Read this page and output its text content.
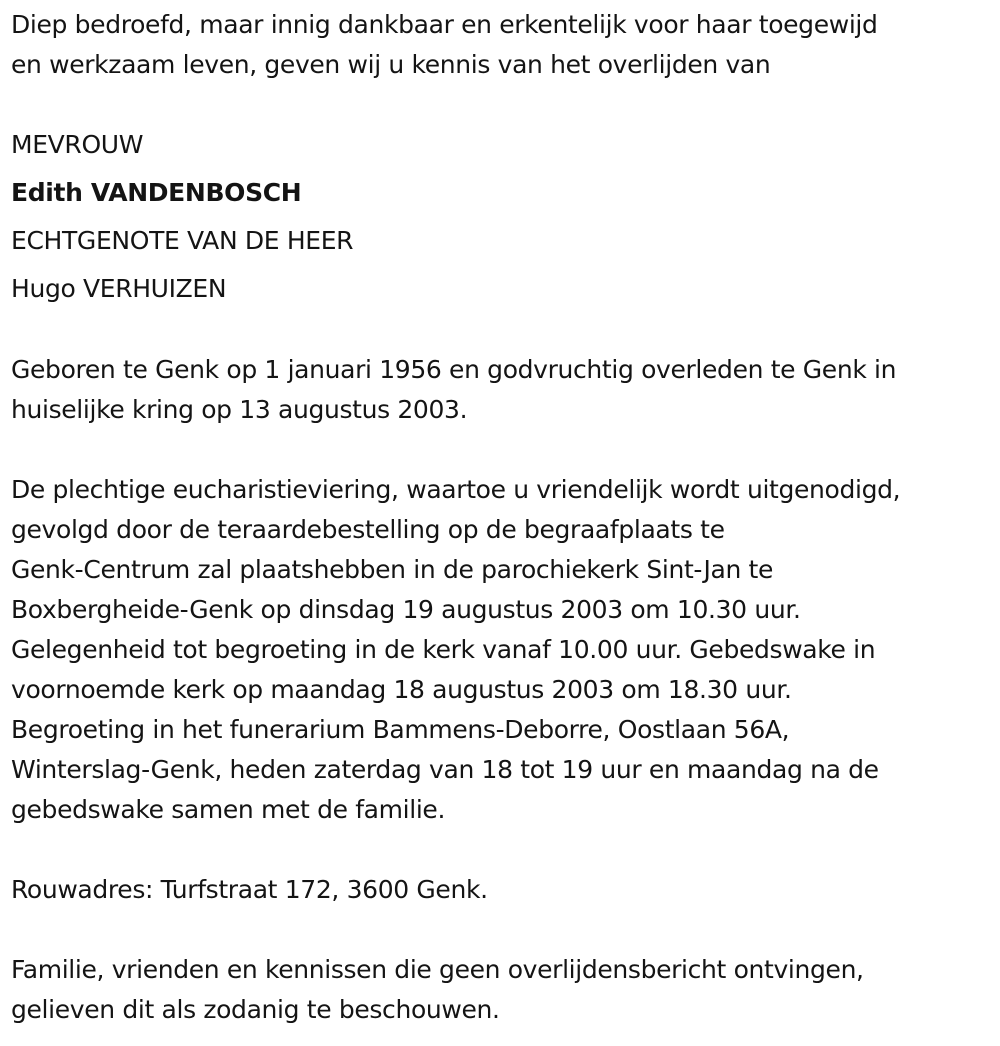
Diep bedroefd, maar innig dankbaar en erkentelijk voor haar toegewijd
en werkzaam leven, geven wij u kennis van het overlijden van
MEVROUW
Edith VANDENBOSCH
ECHTGENOTE VAN DE HEER
Hugo VERHUIZEN
Geboren te Genk op 1 januari 1956 en godvruchtig overleden te Genk in
huiselijke kring op 13 augustus 2003.
De plechtige eucharistieviering, waartoe u vriendelijk wordt uitgenodigd,
gevolgd door de teraardebestelling op de begraafplaats te
Genk-Centrum zal plaatshebben in de parochiekerk Sint-Jan te
Boxbergheide-Genk op dinsdag 19 augustus 2003 om 10.30 uur.
Gelegenheid tot begroeting in de kerk vanaf 10.00 uur. Gebedswake in
voornoemde kerk op maandag 18 augustus 2003 om 18.30 uur.
Begroeting in het funerarium Bammens-Deborre, Oostlaan 56A,
Winterslag-Genk, heden zaterdag van 18 tot 19 uur en maandag na de
gebedswake samen met de familie.
Rouwadres: Turfstraat 172, 3600 Genk.
Familie, vrienden en kennissen die geen overlijdensbericht ontvingen,
gelieven dit als zodanig te beschouwen.
